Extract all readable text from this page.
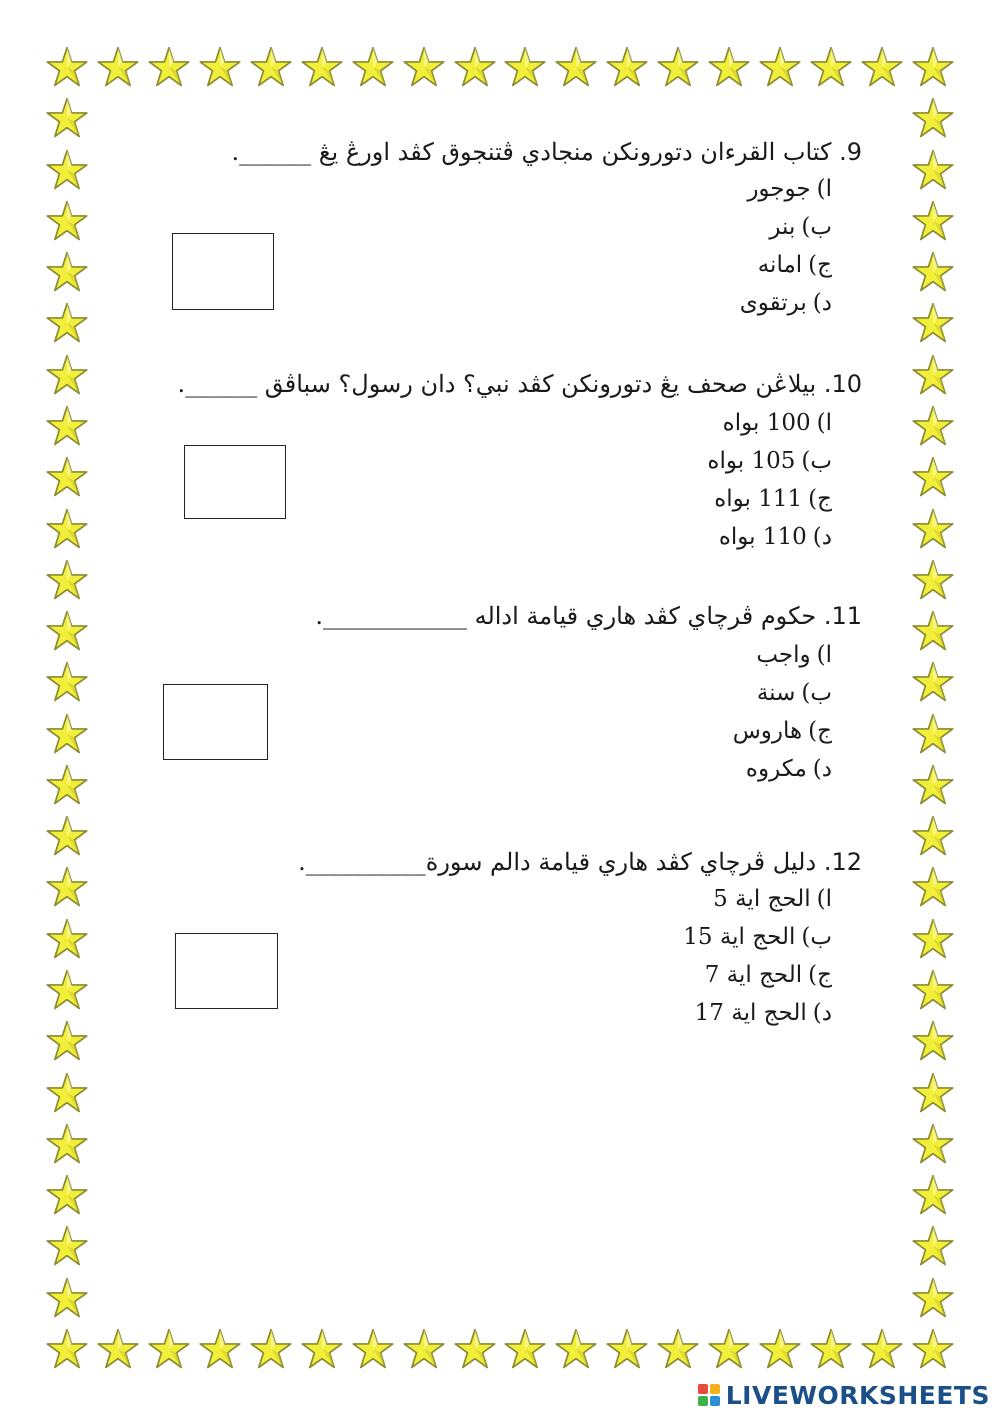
9. كتاب القرءان دتورونكن منجادي ڤتنجوق كڤد اورڠ يڠ ______.
ا)جوجور
ب)بنر
ج)امانه
د)برتقوى
10. بيلاڠن صحف يڠ دتورونكن كڤد نبي؟ دان رسول؟ سباڤق ______.
ا)100 بواه
ب)105 بواه
ج)111 بواه
د)110 بواه
11. حكوم ڤرچاي كڤد هاري قيامة اداله ____________.
ا)واجب
ب)سنة
ج)هاروس
د)مكروه
12. دليل ڤرچاي كڤد هاري قيامة دالم سورة__________.
ا)الحج اية 5
ب)الحج اية 15
ج)الحج اية 7
د)الحج اية 17
LIVEWORKSHEETS
